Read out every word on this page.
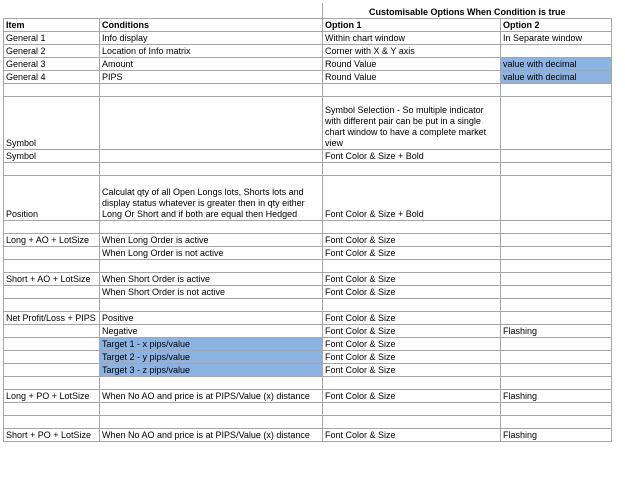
		Customisable Options When Condition is true	
Item	Conditions	Option 1	Option 2
General 1	Info display	Within chart window	In Separate window
General 2	Location of Info matrix	Corner with X & Y axis	
General 3	Amount	Round Value	value with decimal
General 4	PIPS	Round Value	value with decimal

Symbol		Symbol Selection - So multiple indicator with different pair can be put in a single chart window to have a complete market view	
Symbol		Font Color & Size + Bold	

Position	Calculat qty of all Open Longs lots, Shorts lots and display status whatever is greater then in qty either Long Or Short and if both are equal then Hedged	Font Color & Size + Bold	

Long + AO + LotSize	When Long Order is active	Font Color & Size	
	When Long Order is not active	Font Color & Size	

Short + AO + LotSize	When Short Order is active	Font Color & Size	
	When Short Order is not active	Font Color & Size	

Net Profit/Loss + PIPS	Positive	Font Color & Size	
	Negative	Font Color & Size	Flashing
	Target 1 - x pips/value	Font Color & Size	
	Target 2 - y pips/value	Font Color & Size	
	Target 3 - z pips/value	Font Color & Size	

Long + PO + LotSize	When No AO and price is at PIPS/Value (x) distance	Font Color & Size	Flashing

Short + PO + LotSize	When No AO and price is at PIPS/Value (x) distance	Font Color & Size	Flashing
